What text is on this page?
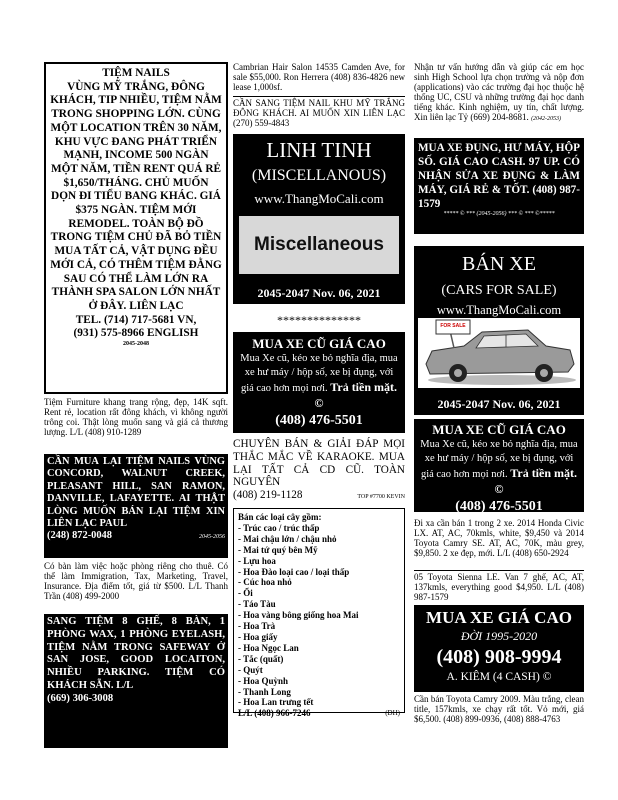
TIỆM NAILS
VÙNG MỸ TRẮNG, ĐÔNG KHÁCH, TIP NHIỀU, TIỆM NẰM TRONG SHOPPING LỚN. CÙNG MỘT LOCATION TRÊN 30 NĂM, KHU VỰC ĐANG PHÁT TRIỂN MẠNH, INCOME 500 NGÀN MỘT NĂM, TIỀN RENT QUÁ RẺ $1,650/THÁNG. CHỦ MUỐN DỌN ĐI TIỂU BANG KHÁC. GIÁ $375 NGÀN. TIỆM MỚI REMODEL. TOÀN BỘ ĐỒ TRONG TIỆM CHỦ ĐÃ BỎ TIỀN MUA TẤT CẢ, VẬT DỤNG ĐỀU MỚI CẢ, CÓ THÊM TIỆM ĐẰNG SAU CÓ THỂ LÀM LỚN RA THÀNH SPA SALON LỚN NHẤT Ở ĐÂY. LIÊN LẠC
TEL. (714) 717-5681 VN,
(931) 575-8966 ENGLISH
2045-2048
Tiệm Furniture khang trang rộng, đẹp, 14K sqft. Rent rẻ, location rất đông khách, vì không người trông coi. Thật lòng muốn sang và giá cả thương lượng. L/L (408) 910-1289
CẦN MUA LẠI TIỆM NAILS VÙNG CONCORD, WALNUT CREEK, PLEASANT HILL, SAN RAMON, DANVILLE, LAFAYETTE. AI THẬT LÒNG MUỐN BÁN LẠI TIỆM XIN LIÊN LẠC PAUL
(248) 872-0048	2045-2056
Có bàn làm việc hoặc phòng riêng cho thuê. Có thể làm Immigration, Tax, Marketing, Travel, Insurance. Địa điểm tốt, giá từ $500. L/L Thanh Trần (408) 499-2000
SANG TIỆM 8 GHẾ, 8 BÀN, 1 PHÒNG WAX, 1 PHÒNG EYELASH, TIỆM NẰM TRONG SAFEWAY Ở SAN JOSE, GOOD LOCAITON, NHIỀU PARKING. TIỆM CÓ KHÁCH SẴN. L/L
(669) 306-3008
Cambrian Hair Salon 14535 Camden Ave, for sale $55,000. Ron Herrera (408) 836-4826 new lease 1,000sf.
CẦN SANG TIỆM NAIL KHU MỸ TRẮNG ĐÔNG KHÁCH. AI MUỐN XIN LIÊN LẠC (270) 559-4843
LINH TINH
(MISCELLANOUS)
www.ThangMoCali.com
Miscellaneous
2045-2047 Nov. 06, 2021
**************
MUA XE CŨ GIÁ CAO
Mua Xe cũ, kéo xe bỏ nghĩa địa, mua xe hư máy / hộp số, xe bị đụng, với giá cao hơn mọi nơi. Trả tiền mặt. ©
(408) 476-5501
CHUYÊN BÁN & GIẢI ĐÁP MỌI THẮC MẮC VỀ KARAOKE. MUA LẠI TẤT CẢ CD CŨ. TOÀN NGUYÊN
(408) 219-1128	TOP #7700 KEVIN
Bán các loại cây gồm:
- Trúc cao / trúc thấp
- Mai chậu lớn / chậu nhỏ
- Mai tứ quý bên Mỹ
- Lựu hoa
- Hoa Đào loại cao / loại thấp
- Cúc hoa nhỏ
- Ổi
- Táo Tàu
- Hoa vàng bông giống hoa Mai
- Hoa Trà
- Hoa giấy
- Hoa Ngọc Lan
- Tắc (quất)
- Quýt
- Hoa Quỳnh
- Thanh Long
- Hoa Lan trưng tết
L/L (408) 966-7246	(DH)
Nhận tư vấn hướng dẫn và giúp các em học sinh High School lựa chọn trường và nộp đơn (applications) vào các trường đại học thuộc hệ thống UC, CSU và những trường đại học danh tiếng khác. Kinh nghiệm, uy tín, chất lượng. Xin liên lạc Tỷ (669) 204-8681. (2042-2053)
MUA XE ĐỤNG, HƯ MÁY, HỘP SỐ. GIÁ CAO CASH. 97 UP. CÓ NHẬN SỬA XE ĐỤNG & LÀM MÁY, GIÁ RẺ & TỐT. (408) 987-1579
***** © *** (2045-2056) *** © *** ©*****
BÁN XE
(CARS FOR SALE)
www.ThangMoCali.com
FOR SALE
2045-2047 Nov. 06, 2021
MUA XE CŨ GIÁ CAO
Mua Xe cũ, kéo xe bỏ nghĩa địa, mua xe hư máy / hộp số, xe bị đụng, với giá cao hơn mọi nơi. Trả tiền mặt. ©
(408) 476-5501
Đi xa cần bán 1 trong 2 xe. 2014 Honda Civic LX. AT, AC, 70kmls, white, $9,450 và 2014 Toyota Camry SE. AT, AC, 70K, màu grey, $9,850. 2 xe đẹp, mới. L/L (408) 650-2924
05 Toyota Sienna LE. Van 7 ghế, AC, AT, 137kmls, everything good $4,950. L/L (408) 987-1579
MUA XE GIÁ CAO
ĐỜI 1995-2020
(408) 908-9994
A. KIÊM (4 CASH) ©
Cần bán Toyota Camry 2009. Màu trắng, clean title, 157kmls, xe chạy rất tốt. Vỏ mới, giá $6,500. (408) 899-0936, (408) 888-4763
